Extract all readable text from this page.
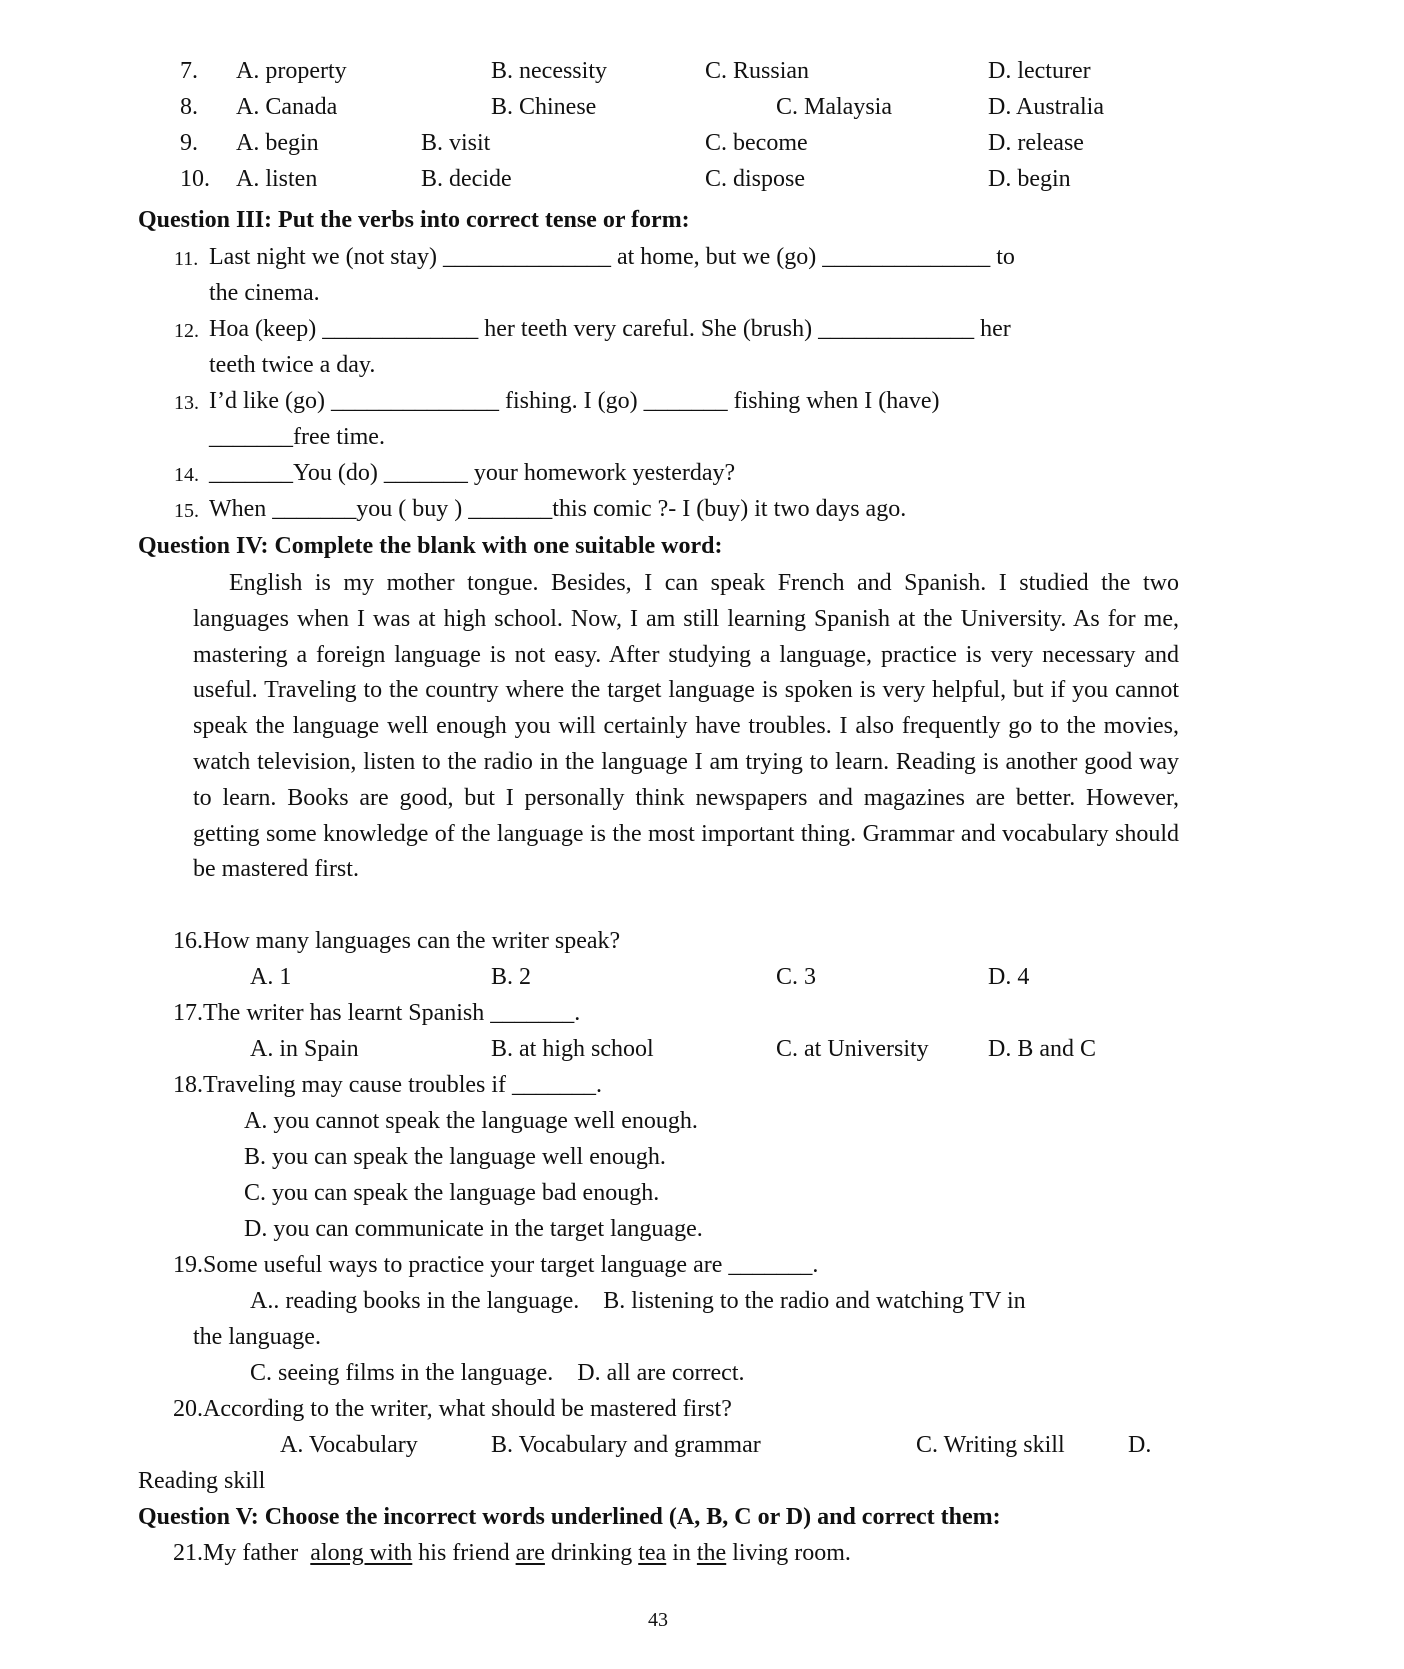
7. A. property	B. necessity	C. Russian	D. lecturer
8. A. Canada	B. Chinese	C. Malaysia	D. Australia
9. A. begin	B. visit	C. become	D. release
10. A. listen	B. decide	C. dispose	D. begin
Question III: Put the verbs into correct tense or form:
11. Last night we (not stay) ______________ at home, but we (go) ______________ to
the cinema.
12. Hoa (keep) _____________ her teeth very careful. She (brush) _____________ her
teeth twice a day.
13. I’d like (go) ______________ fishing. I (go) _______ fishing when I (have)
_______free time.
14. _______You (do) _______ your homework yesterday?
15. When _______you ( buy ) _______this comic ?- I (buy) it two days ago.
Question IV: Complete the blank with one suitable word:
English is my mother tongue. Besides, I can speak French and Spanish. I studied the two languages when I was at high school. Now, I am still learning Spanish at the University. As for me, mastering a foreign language is not easy. After studying a language, practice is very necessary and useful. Traveling to the country where the target language is spoken is very helpful, but if you cannot speak the language well enough you will certainly have troubles. I also frequently go to the movies, watch television, listen to the radio in the language I am trying to learn. Reading is another good way to learn. Books are good, but I personally think newspapers and magazines are better. However, getting some knowledge of the language is the most important thing. Grammar and vocabulary should be mastered first.
16.How many languages can the writer speak?
A. 1	B. 2	C. 3	D. 4
17.The writer has learnt Spanish _______.
A. in Spain	B. at high school	C. at University D. B and C
18.Traveling may cause troubles if _______.
A. you cannot speak the language well enough.
B. you can speak the language well enough.
C. you can speak the language bad enough.
D. you can communicate in the target language.
19.Some useful ways to practice your target language are _______.
A.. reading books in the language.    B. listening to the radio and watching TV in
the language.
C. seeing films in the language.    D. all are correct.
20.According to the writer, what should be mastered first?
A. Vocabulary	B. Vocabulary and grammar	C. Writing skill	D.
Reading skill
Question V: Choose the incorrect words underlined (A, B, C or D) and correct them:
21.My father  along with his friend are drinking tea in the living room.
43
